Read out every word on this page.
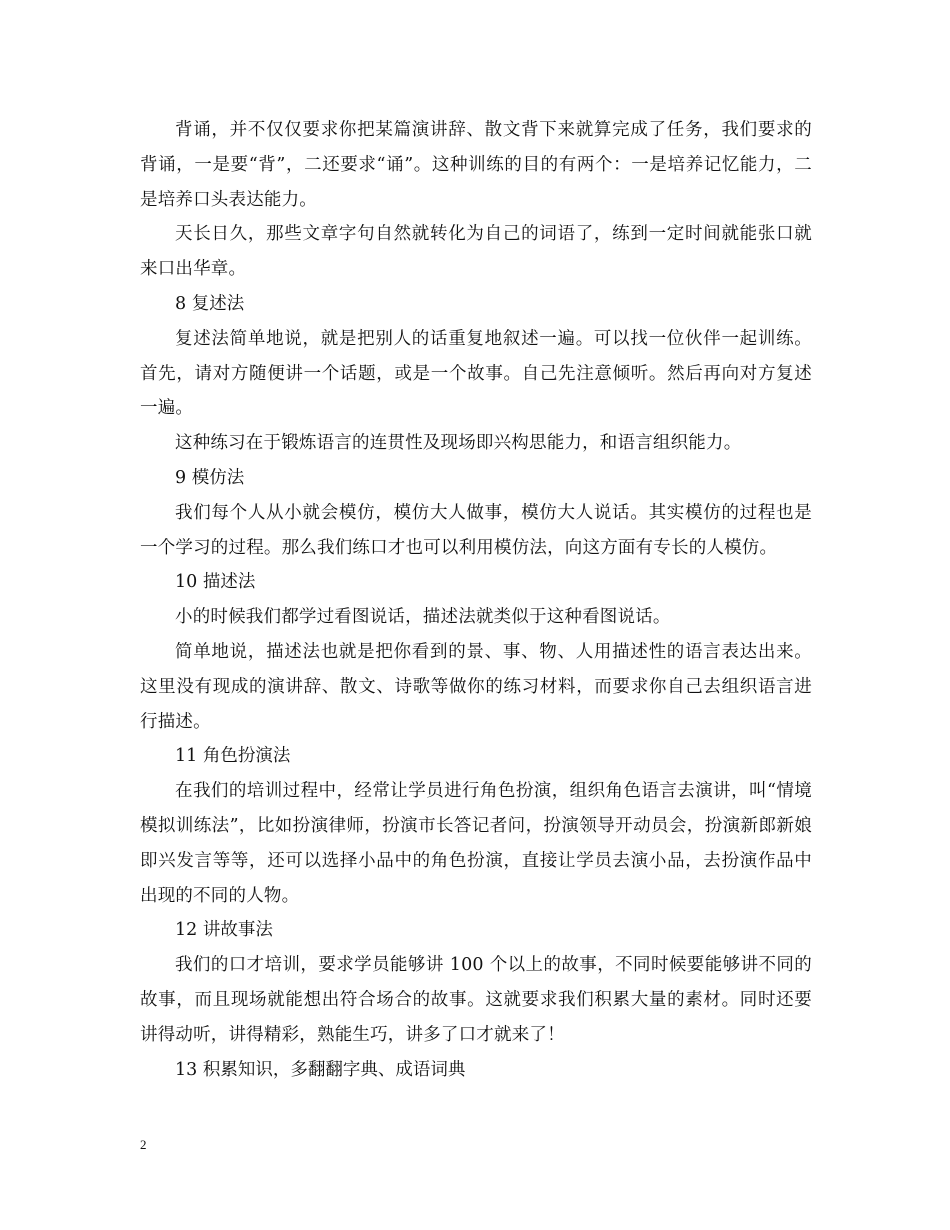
背诵，并不仅仅要求你把某篇演讲辞、散文背下来就算完成了任务，我们要求的背诵，一是要“背”，二还要求“诵”。这种训练的目的有两个：一是培养记忆能力，二是培养口头表达能力。

天长日久，那些文章字句自然就转化为自己的词语了，练到一定时间就能张口就来口出华章。

8 复述法

复述法简单地说，就是把别人的话重复地叙述一遍。可以找一位伙伴一起训练。首先，请对方随便讲一个话题，或是一个故事。自己先注意倾听。然后再向对方复述一遍。

这种练习在于锻炼语言的连贯性及现场即兴构思能力，和语言组织能力。

9 模仿法

我们每个人从小就会模仿，模仿大人做事，模仿大人说话。其实模仿的过程也是一个学习的过程。那么我们练口才也可以利用模仿法，向这方面有专长的人模仿。

10 描述法

小的时候我们都学过看图说话，描述法就类似于这种看图说话。

简单地说，描述法也就是把你看到的景、事、物、人用描述性的语言表达出来。这里没有现成的演讲辞、散文、诗歌等做你的练习材料，而要求你自己去组织语言进行描述。

11 角色扮演法

在我们的培训过程中，经常让学员进行角色扮演，组织角色语言去演讲，叫“情境模拟训练法”，比如扮演律师，扮演市长答记者问，扮演领导开动员会，扮演新郎新娘即兴发言等等，还可以选择小品中的角色扮演，直接让学员去演小品，去扮演作品中出现的不同的人物。

12 讲故事法

我们的口才培训，要求学员能够讲 100 个以上的故事，不同时候要能够讲不同的故事，而且现场就能想出符合场合的故事。这就要求我们积累大量的素材。同时还要讲得动听，讲得精彩，熟能生巧，讲多了口才就来了！

13 积累知识，多翻翻字典、成语词典

2
